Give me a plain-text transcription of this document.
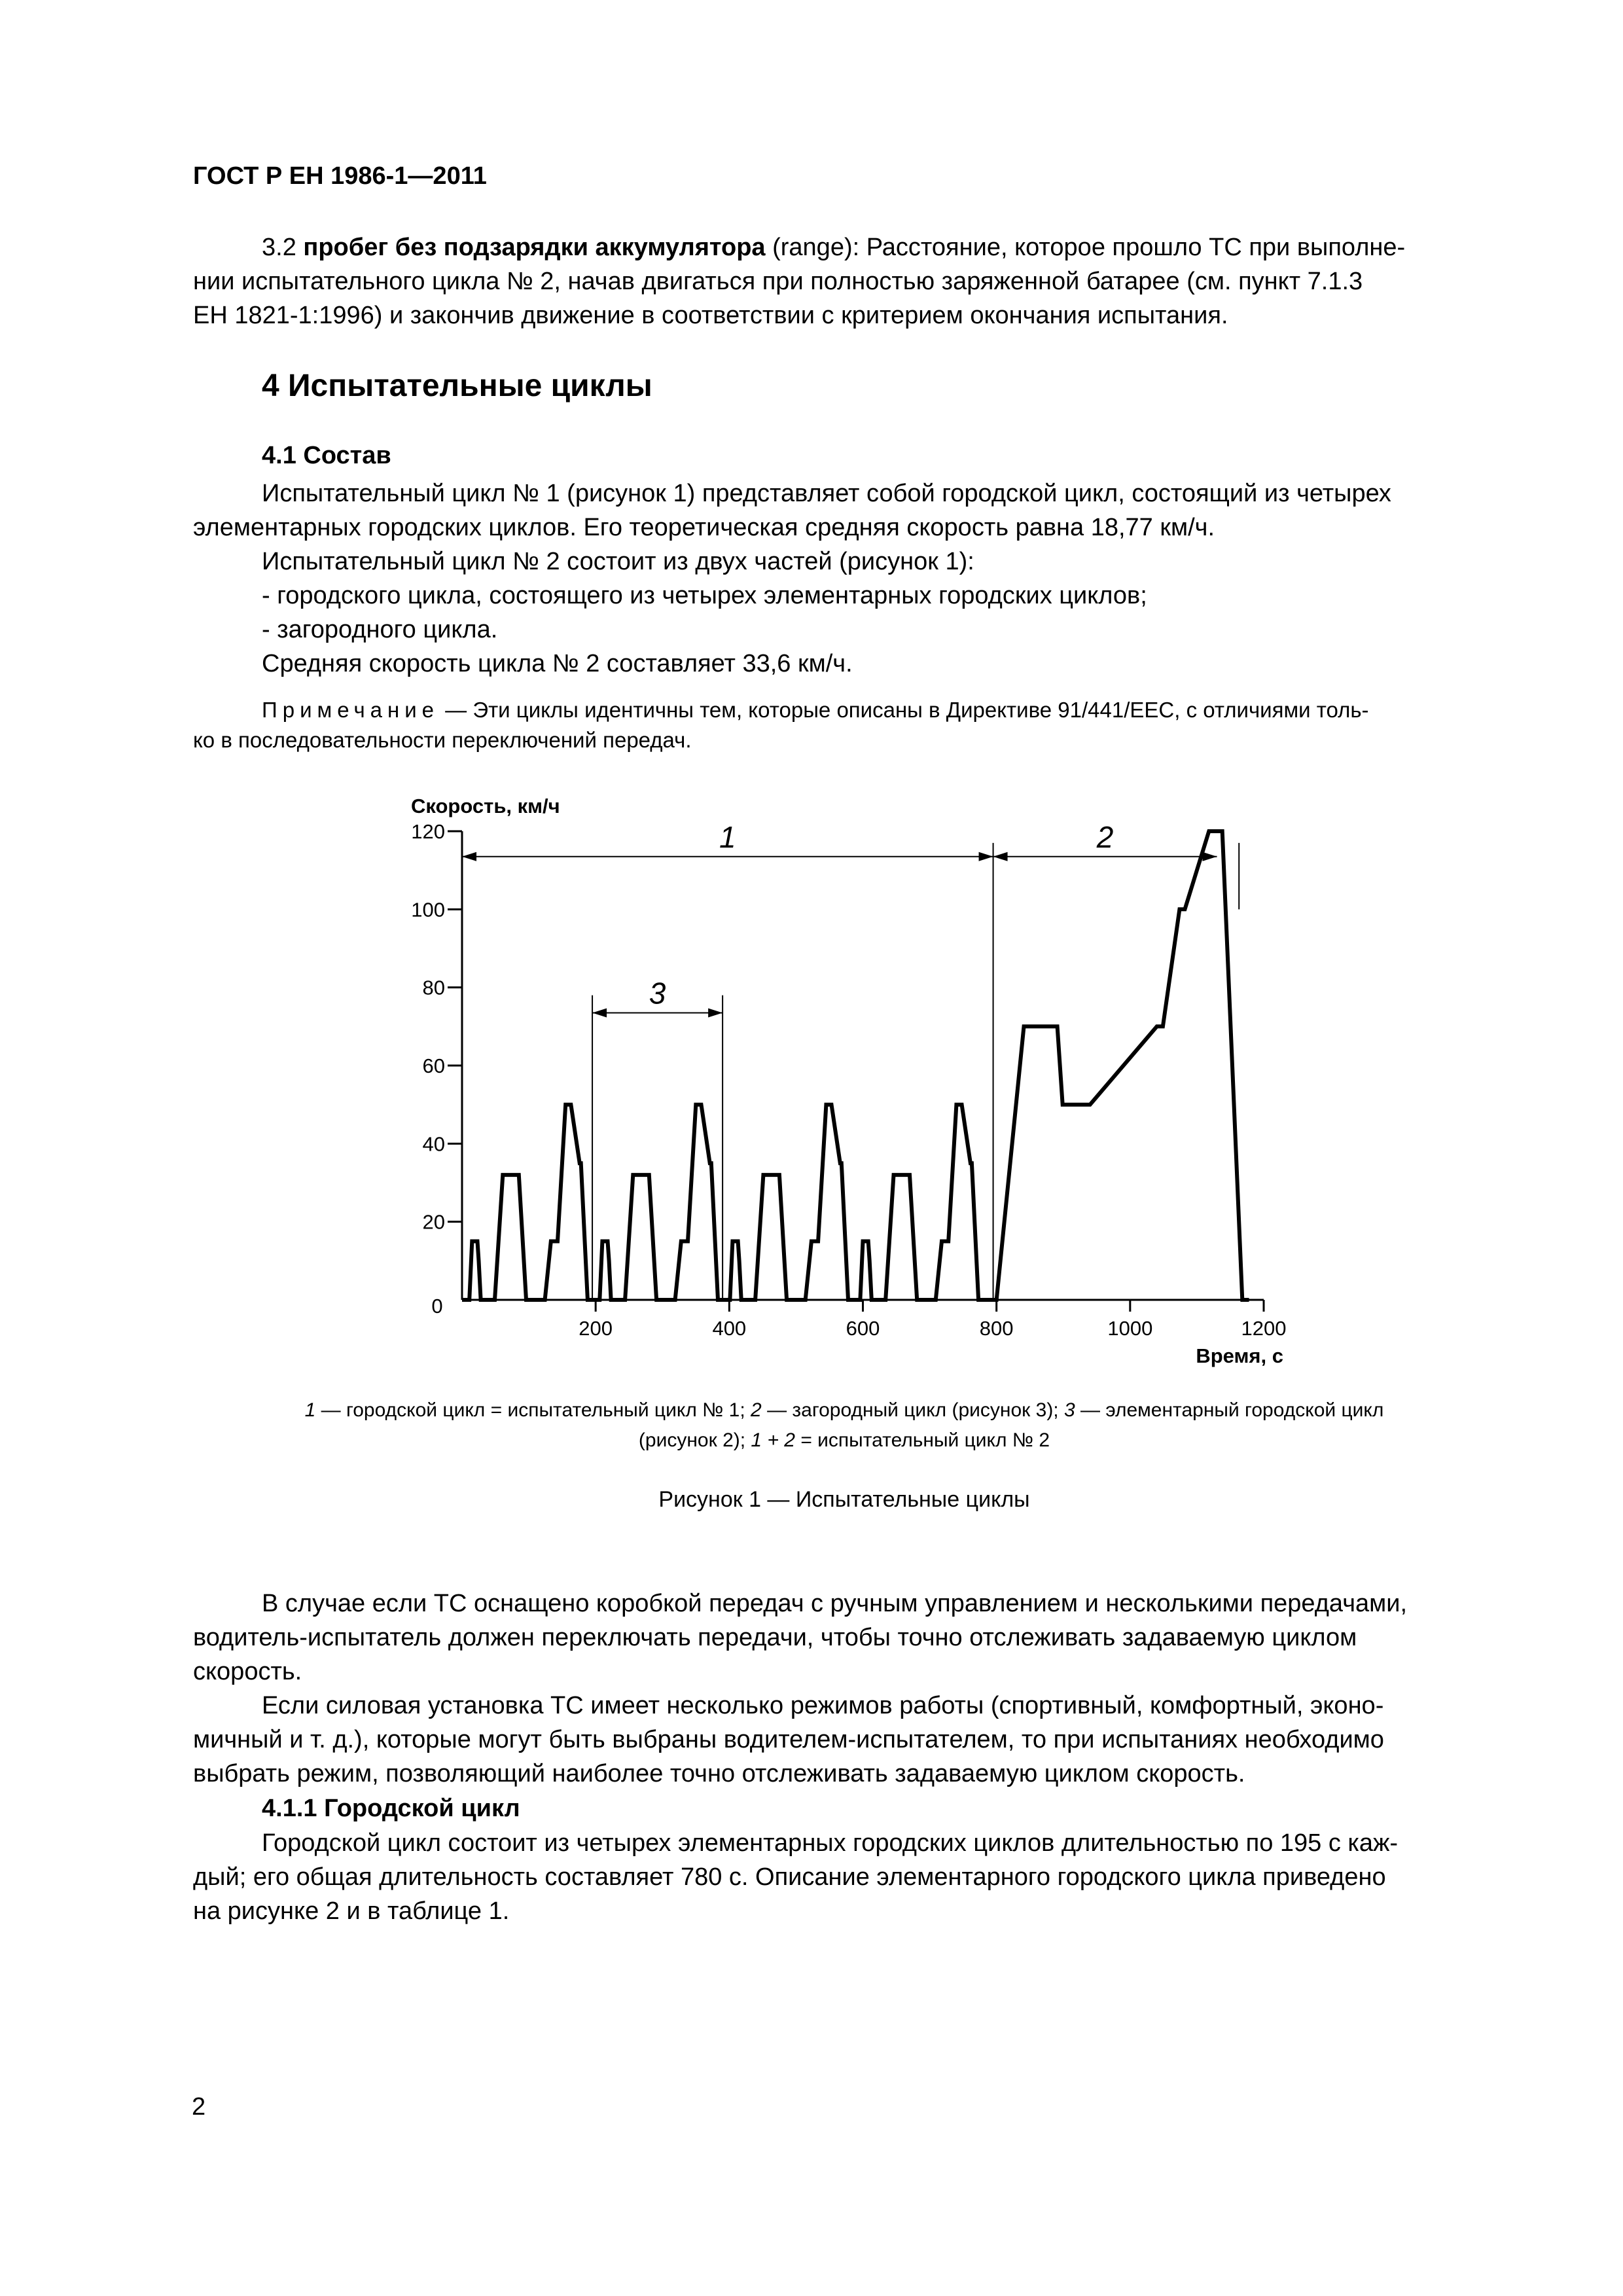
ГОСТ Р ЕН 1986-1—2011

3.2 пробег без подзарядки аккумулятора (range): Расстояние, которое прошло ТС при выполне-

нии испытательного цикла № 2, начав двигаться при полностью заряженной батарее (см. пункт 7.1.3

ЕН 1821-1:1996) и закончив движение в соответствии с критерием окончания испытания.

4 Испытательные циклы
4.1 Состав

Испытательный цикл № 1 (рисунок 1) представляет собой городской цикл, состоящий из четырех

элементарных городских циклов. Его теоретическая средняя скорость равна 18,77 км/ч.

Испытательный цикл № 2 состоит из двух частей (рисунок 1):

- городского цикла, состоящего из четырех элементарных городских циклов;

- загородного цикла.

Средняя скорость цикла № 2 составляет 33,6 км/ч.

Примечание — Эти циклы идентичны тем, которые описаны в Директиве 91/441/EEC, с отличиями толь-

ко в последовательности переключений передач.

20
40
60
80
100
120
200	400	600	800	1000	1200
0
Скорость, км/ч
Время, с
1	2
3

1 — городской цикл = испытательный цикл № 1; 2 — загородный цикл (рисунок 3); 3 — элементарный городской цикл

(рисунок 2); 1 + 2 = испытательный цикл № 2

Рисунок 1 — Испытательные циклы

В случае если ТС оснащено коробкой передач с ручным управлением и несколькими передачами,

водитель-испытатель должен переключать передачи, чтобы точно отслеживать задаваемую циклом

скорость.

Если силовая установка ТС имеет несколько режимов работы (спортивный, комфортный, эконо-

мичный и т. д.), которые могут быть выбраны водителем-испытателем, то при испытаниях необходимо

выбрать режим, позволяющий наиболее точно отслеживать задаваемую циклом скорость.

4.1.1 Городской цикл

Городской цикл состоит из четырех элементарных городских циклов длительностью по 195 с каж-

дый; его общая длительность составляет 780 с. Описание элементарного городского цикла приведено

на рисунке 2 и в таблице 1.

2
